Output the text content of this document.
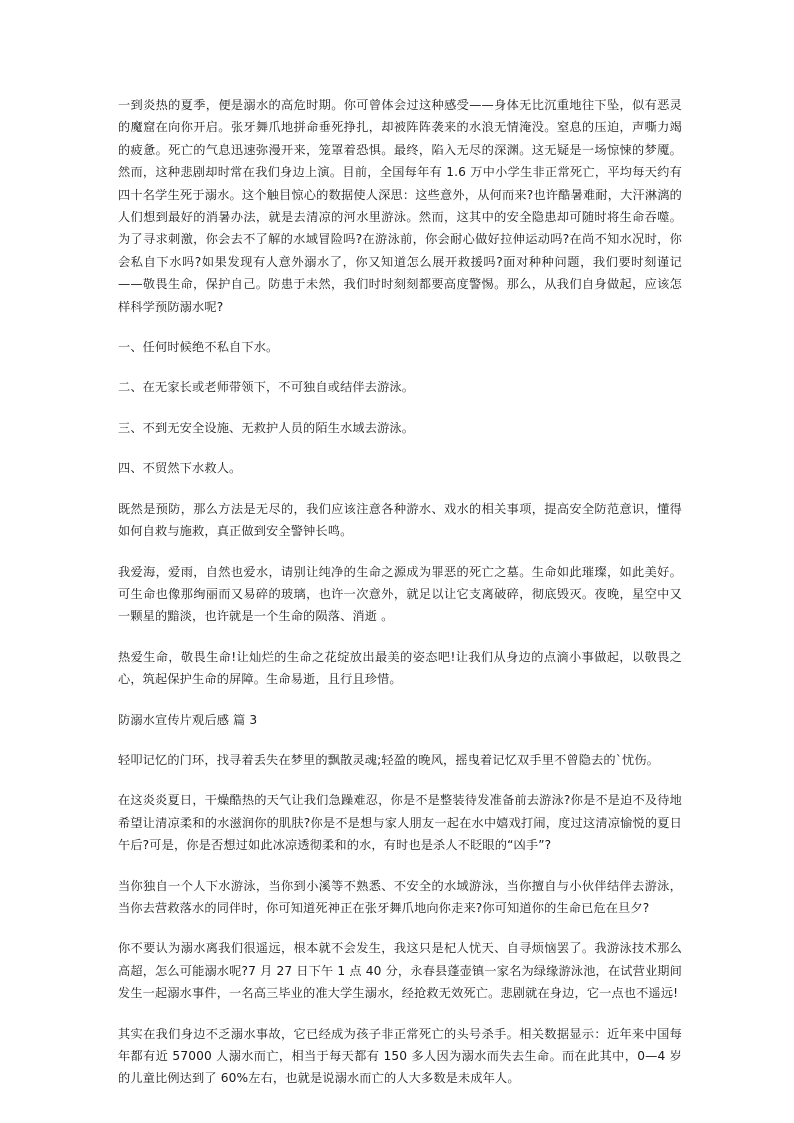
一到炎热的夏季，便是溺水的高危时期。你可曾体会过这种感受——身体无比沉重地往下坠，似有恶灵的魔窟在向你开启。张牙舞爪地拼命垂死挣扎，却被阵阵袭来的水浪无情淹没。窒息的压迫，声嘶力竭的疲惫。死亡的气息迅速弥漫开来，笼罩着恐惧。最终，陷入无尽的深渊。这无疑是一场惊悚的梦魇。然而，这种悲剧却时常在我们身边上演。目前，全国每年有 1.6 万中小学生非正常死亡，平均每天约有四十名学生死于溺水。这个触目惊心的数据使人深思：这些意外，从何而来?也许酷暑难耐，大汗淋漓的人们想到最好的消暑办法，就是去清凉的河水里游泳。然而，这其中的安全隐患却可随时将生命吞噬。为了寻求刺激，你会去不了解的水域冒险吗?在游泳前，你会耐心做好拉伸运动吗?在尚不知水况时，你会私自下水吗?如果发现有人意外溺水了，你又知道怎么展开救援吗?面对种种问题，我们要时刻谨记——敬畏生命，保护自己。防患于未然，我们时时刻刻都要高度警惕。那么，从我们自身做起，应该怎样科学预防溺水呢?

一、任何时候绝不私自下水。

二、在无家长或老师带领下，不可独自或结伴去游泳。

三、不到无安全设施、无救护人员的陌生水域去游泳。

四、不贸然下水救人。

既然是预防，那么方法是无尽的，我们应该注意各种游水、戏水的相关事项，提高安全防范意识，懂得如何自救与施救，真正做到安全警钟长鸣。

我爱海，爱雨，自然也爱水，请别让纯净的生命之源成为罪恶的死亡之墓。生命如此璀璨，如此美好。可生命也像那绚丽而又易碎的玻璃，也许一次意外，就足以让它支离破碎，彻底毁灭。夜晚，星空中又一颗星的黯淡，也许就是一个生命的陨落、消逝 。

热爱生命，敬畏生命!让灿烂的生命之花绽放出最美的姿态吧!让我们从身边的点滴小事做起，以敬畏之心，筑起保护生命的屏障。生命易逝，且行且珍惜。

防溺水宣传片观后感 篇 3

轻叩记忆的门环，找寻着丢失在梦里的飘散灵魂;轻盈的晚风，摇曳着记忆双手里不曾隐去的`忧伤。

在这炎炎夏日，干燥酷热的天气让我们急躁难忍，你是不是整装待发准备前去游泳?你是不是迫不及待地希望让清凉柔和的水滋润你的肌肤?你是不是想与家人朋友一起在水中嬉戏打闹，度过这清凉愉悦的夏日午后?可是，你是否想过如此冰凉透彻柔和的水，有时也是杀人不眨眼的“凶手”?

当你独自一个人下水游泳，当你到小溪等不熟悉、不安全的水域游泳，当你擅自与小伙伴结伴去游泳，当你去营救落水的同伴时，你可知道死神正在张牙舞爪地向你走来?你可知道你的生命已危在旦夕?

你不要认为溺水离我们很遥远，根本就不会发生，我这只是杞人忧天、自寻烦恼罢了。我游泳技术那么高超，怎么可能溺水呢?7 月 27 日下午 1 点 40 分，永春县蓬壶镇一家名为绿缘游泳池，在试营业期间发生一起溺水事件，一名高三毕业的准大学生溺水，经抢救无效死亡。悲剧就在身边，它一点也不遥远!

其实在我们身边不乏溺水事故，它已经成为孩子非正常死亡的头号杀手。相关数据显示：近年来中国每年都有近 57000 人溺水而亡，相当于每天都有 150 多人因为溺水而失去生命。而在此其中，0—4 岁的儿童比例达到了 60%左右，也就是说溺水而亡的人大多数是未成年人。
